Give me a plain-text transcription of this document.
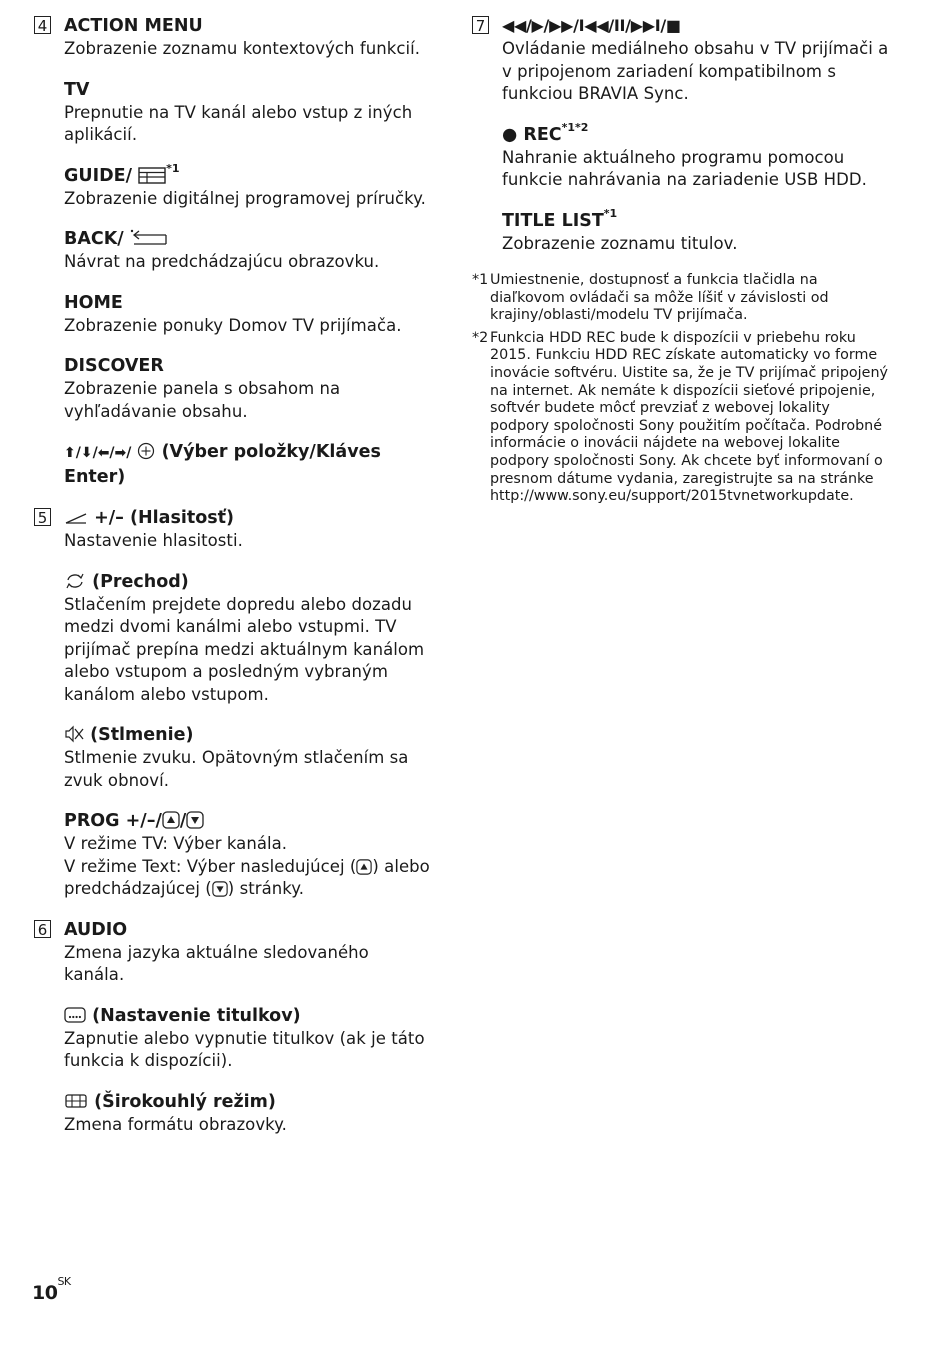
4 ACTION MENU

Zobrazenie zoznamu kontextových funkcií.

TV

Prepnutie na TV kanál alebo vstup z iných aplikácií.

GUIDE/	$^{*1}$

Zobrazenie digitálnej programovej príručky.

BACK/

Návrat na predchádzajúcu obrazovku.

HOME

Zobrazenie ponuky Domov TV prijímača.

DISCOVER

Zobrazenie panela s obsahom na vyhľadávanie obsahu.

⬆/⬇/⬅/➡/ (Výber položky/Kláves Enter)

5	+/– (Hlasitosť)

Nastavenie hlasitosti.

(Prechod)

Stlačením prejdete dopredu alebo dozadu medzi dvomi kanálmi alebo vstupmi. TV prijímač prepína medzi aktuálnym kanálom alebo vstupom a posledným vybraným kanálom alebo vstupom.

(Stlmenie)

Stlmenie zvuku. Opätovným stlačením sa zvuk obnoví.

PROG +/–/ /

V režime TV: Výber kanála.

V režime Text: Výber nasledujúcej ( ) alebo

predchádzajúcej ( ) stránky.

6 AUDIO

Zmena jazyka aktuálne sledovaného kanála.

(Nastavenie titulkov)

Zapnutie alebo vypnutie titulkov (ak je táto funkcia k dispozícii).

(Širokouhlý režim)

Zmena formátu obrazovky.

7 ◀◀/▶/▶▶/I◀◀/II/▶▶I/■

Ovládanie mediálneho obsahu v TV prijímači a v pripojenom zariadení kompatibilnom s funkciou BRAVIA Sync.

● $REC^{*1*2}$

Nahranie aktuálneho programu pomocou funkcie nahrávania na zariadenie USB HDD.

TITLE LIST$^{*1}$

Zobrazenie zoznamu titulov.

*1 Umiestnenie, dostupnosť a funkcia tlačidla na diaľkovom ovládači sa môže líšiť v závislosti od krajiny/oblasti/modelu TV prijímača.

*2 Funkcia HDD REC bude k dispozícii v priebehu roku 2015. Funkciu HDD REC získate automaticky vo forme inovácie softvéru. Uistite sa, že je TV prijímač pripojený na internet. Ak nemáte k dispozícii sieťové pripojenie, softvér budete môcť prevziať z webovej lokality podpory spoločnosti Sony použitím počítača. Podrobné informácie o inovácii nájdete na webovej lokalite podpory spoločnosti Sony. Ak chcete byť informovaní o presnom dátume vydania, zaregistrujte sa na stránke http://www.sony.eu/support/2015tvnetworkupdate.

$10^{SK}$
